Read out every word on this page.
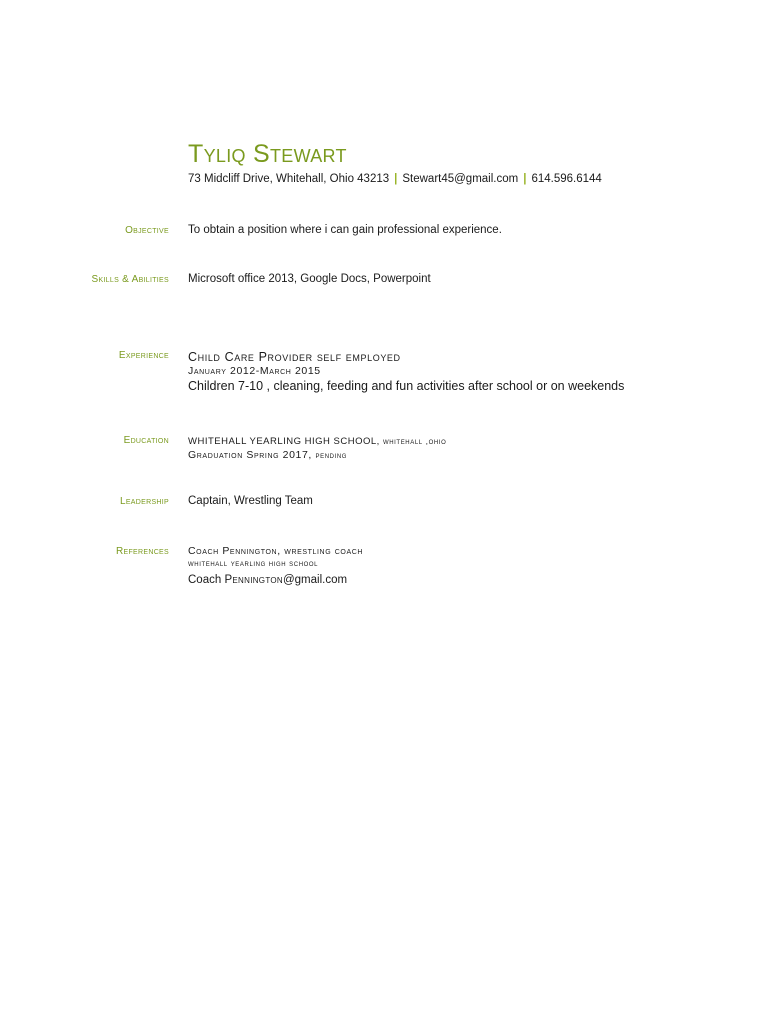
Tyliq Stewart
73 Midcliff Drive, Whitehall, Ohio 43213 | Stewart45@gmail.com | 614.596.6144
Objective To obtain a position where i can gain professional experience.
Skills & Abilities Microsoft office 2013, Google Docs, Powerpoint
Experience Child Care Provider self employed
January 2012-March 2015
Children 7-10 , cleaning, feeding and fun activities after school or on weekends
Education WHITEHALL YEARLING HIGH SCHOOL, whitehall ,ohio
Graduation Spring 2017, pending
Leadership Captain, Wrestling Team
References Coach Pennington, wrestling coach
whitehall yearling high school
Coach Pennington@gmail.com
